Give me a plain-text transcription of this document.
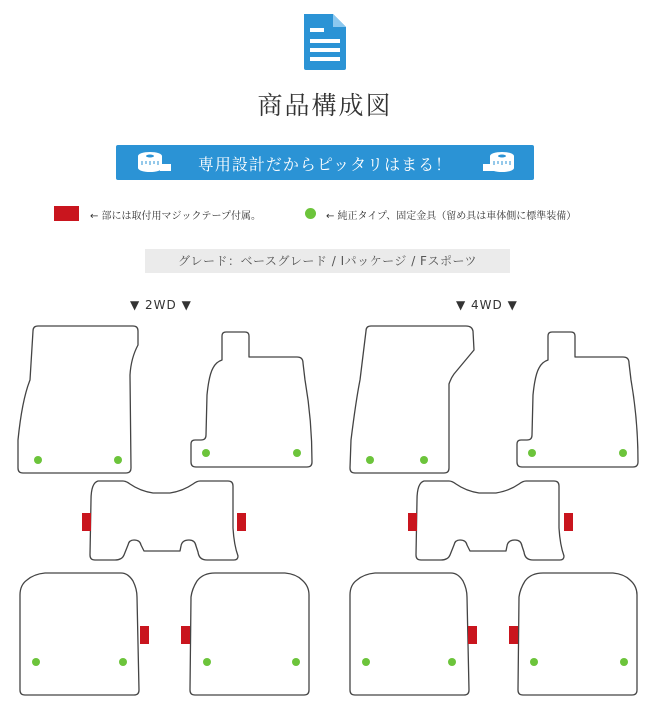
商品構成図
専用設計だからピッタリはまる！
← 部には取付用マジックテープ付属。	← 純正タイプ、固定金具（留め具は車体側に標準装備）
グレード：ベースグレード / Iパッケージ / Fスポーツ
▼ 2WD ▼	▼ 4WD ▼
